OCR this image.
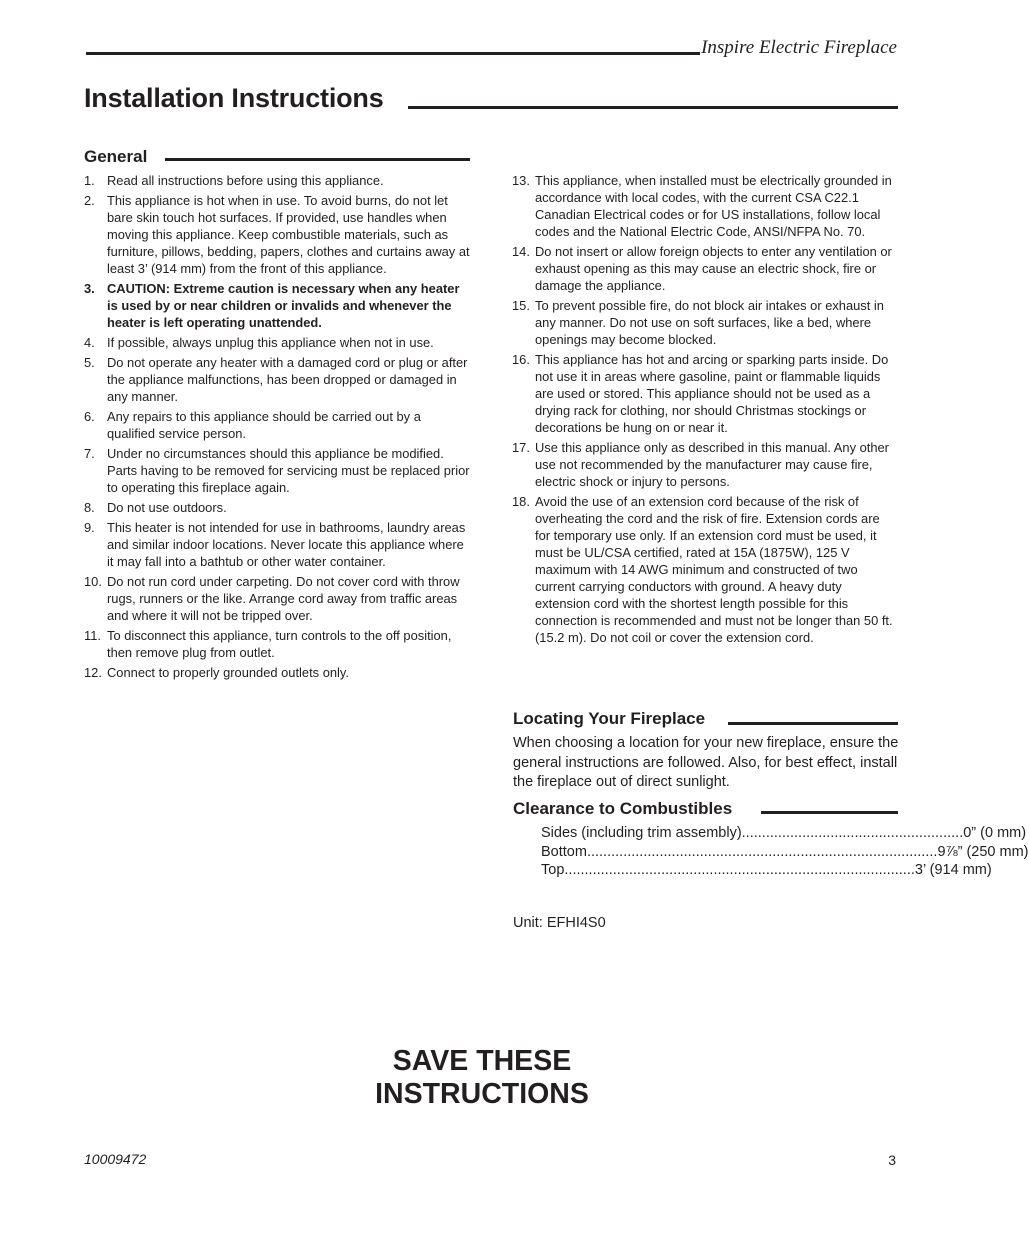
Inspire Electric Fireplace
Installation Instructions
General
1. Read all instructions before using this appliance.
2. This appliance is hot when in use. To avoid burns, do not let bare skin touch hot surfaces. If provided, use handles when moving this appliance. Keep combustible materials, such as furniture, pillows, bedding, papers, clothes and curtains away at least 3’ (914 mm) from the front of this appliance.
3. CAUTION: Extreme caution is necessary when any heater is used by or near children or invalids and whenever the heater is left operating unattended.
4. If possible, always unplug this appliance when not in use.
5. Do not operate any heater with a damaged cord or plug or after the appliance malfunctions, has been dropped or damaged in any manner.
6. Any repairs to this appliance should be carried out by a qualified service person.
7. Under no circumstances should this appliance be modified. Parts having to be removed for servicing must be replaced prior to operating this fireplace again.
8. Do not use outdoors.
9. This heater is not intended for use in bathrooms, laundry areas and similar indoor locations. Never locate this appliance where it may fall into a bathtub or other water container.
10. Do not run cord under carpeting. Do not cover cord with throw rugs, runners or the like. Arrange cord away from traffic areas and where it will not be tripped over.
11. To disconnect this appliance, turn controls to the off position, then remove plug from outlet.
12. Connect to properly grounded outlets only.
13. This appliance, when installed must be electrically grounded in accordance with local codes, with the current CSA C22.1 Canadian Electrical codes or for US installations, follow local codes and the National Electric Code, ANSI/NFPA No. 70.
14. Do not insert or allow foreign objects to enter any ventilation or exhaust opening as this may cause an electric shock, fire or damage the appliance.
15. To prevent possible fire, do not block air intakes or exhaust in any manner. Do not use on soft surfaces, like a bed, where openings may become blocked.
16. This appliance has hot and arcing or sparking parts inside. Do not use it in areas where gasoline, paint or flammable liquids are used or stored. This appliance should not be used as a drying rack for clothing, nor should Christmas stockings or decorations be hung on or near it.
17. Use this appliance only as described in this manual. Any other use not recommended by the manufacturer may cause fire, electric shock or injury to persons.
18. Avoid the use of an extension cord because of the risk of overheating the cord and the risk of fire. Extension cords are for temporary use only. If an extension cord must be used, it must be UL/CSA certified, rated at 15A (1875W), 125 V maximum with 14 AWG minimum and constructed of two current carrying conductors with ground. A heavy duty extension cord with the shortest length possible for this connection is recommended and must not be longer than 50 ft. (15.2 m). Do not coil or cover the extension cord.
Locating Your Fireplace
When choosing a location for your new fireplace, ensure the general instructions are followed. Also, for best effect, install the fireplace out of direct sunlight.
Clearance to Combustibles
Sides (including trim assembly) ....................................................... 0” (0 mm)
Bottom ....................................................................................... 9⅞” (250 mm)
Top ....................................................................................... 3’ (914 mm)
Unit: EFHI4S0
SAVE THESE
INSTRUCTIONS
10009472	3
